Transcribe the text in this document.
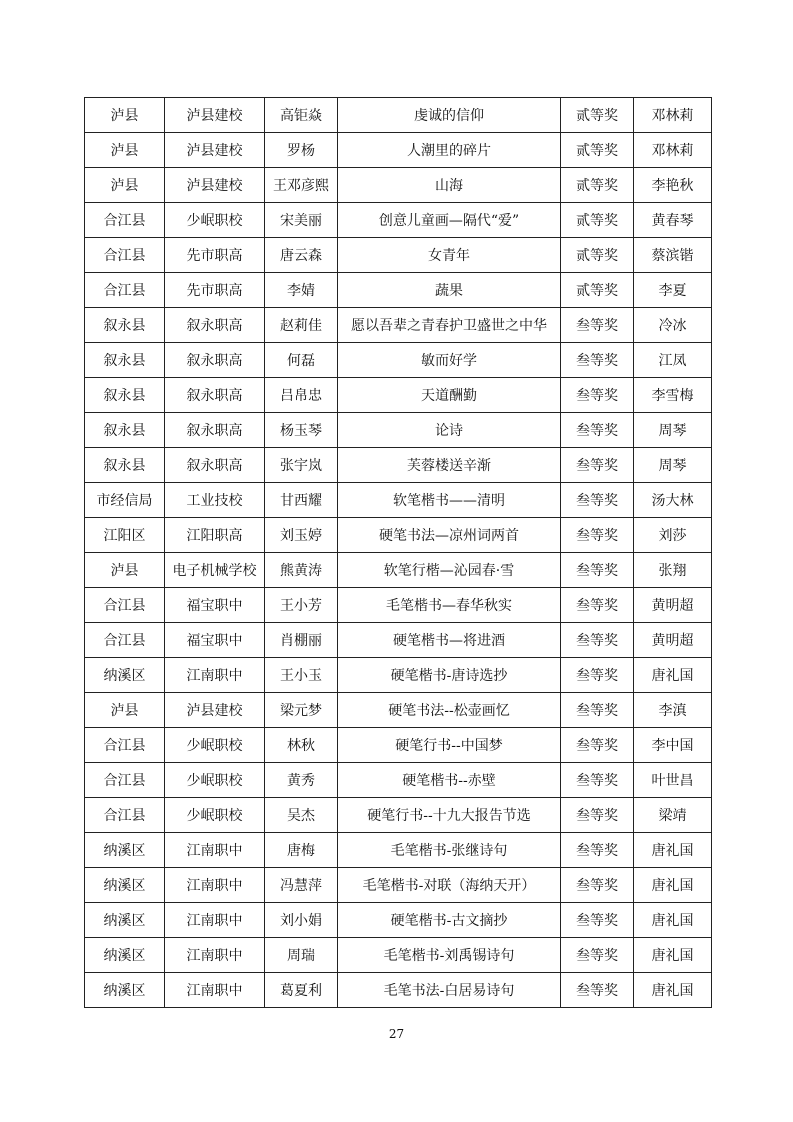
泸县	泸县建校	高钜焱	虔诚的信仰	贰等奖	邓林莉
泸县	泸县建校	罗杨	人潮里的碎片	贰等奖	邓林莉
泸县	泸县建校	王邓彦熙	山海	贰等奖	李艳秋
合江县	少岷职校	宋美丽	创意儿童画—隔代“爱”	贰等奖	黄春琴
合江县	先市职高	唐云森	女青年	贰等奖	蔡滨锴
合江县	先市职高	李婧	蔬果	贰等奖	李夏
叙永县	叙永职高	赵莉佳	愿以吾辈之青春护卫盛世之中华	叁等奖	冷冰
叙永县	叙永职高	何磊	敏而好学	叁等奖	江凤
叙永县	叙永职高	吕帛忠	天道酬勤	叁等奖	李雪梅
叙永县	叙永职高	杨玉琴	论诗	叁等奖	周琴
叙永县	叙永职高	张宇岚	芙蓉楼送辛渐	叁等奖	周琴
市经信局	工业技校	甘西耀	软笔楷书——清明	叁等奖	汤大林
江阳区	江阳职高	刘玉婷	硬笔书法—凉州词两首	叁等奖	刘莎
泸县	电子机械学校	熊黄涛	软笔行楷—沁园春·雪	叁等奖	张翔
合江县	福宝职中	王小芳	毛笔楷书—春华秋实	叁等奖	黄明超
合江县	福宝职中	肖棚丽	硬笔楷书—将进酒	叁等奖	黄明超
纳溪区	江南职中	王小玉	硬笔楷书-唐诗选抄	叁等奖	唐礼国
泸县	泸县建校	梁元梦	硬笔书法--松壶画忆	叁等奖	李滇
合江县	少岷职校	林秋	硬笔行书--中国梦	叁等奖	李中国
合江县	少岷职校	黄秀	硬笔楷书--赤壁	叁等奖	叶世昌
合江县	少岷职校	吴杰	硬笔行书--十九大报告节选	叁等奖	梁靖
纳溪区	江南职中	唐梅	毛笔楷书-张继诗句	叁等奖	唐礼国
纳溪区	江南职中	冯慧萍	毛笔楷书-对联（海纳天开）	叁等奖	唐礼国
纳溪区	江南职中	刘小娟	硬笔楷书-古文摘抄	叁等奖	唐礼国
纳溪区	江南职中	周瑞	毛笔楷书-刘禹锡诗句	叁等奖	唐礼国
纳溪区	江南职中	葛夏利	毛笔书法-白居易诗句	叁等奖	唐礼国
27
